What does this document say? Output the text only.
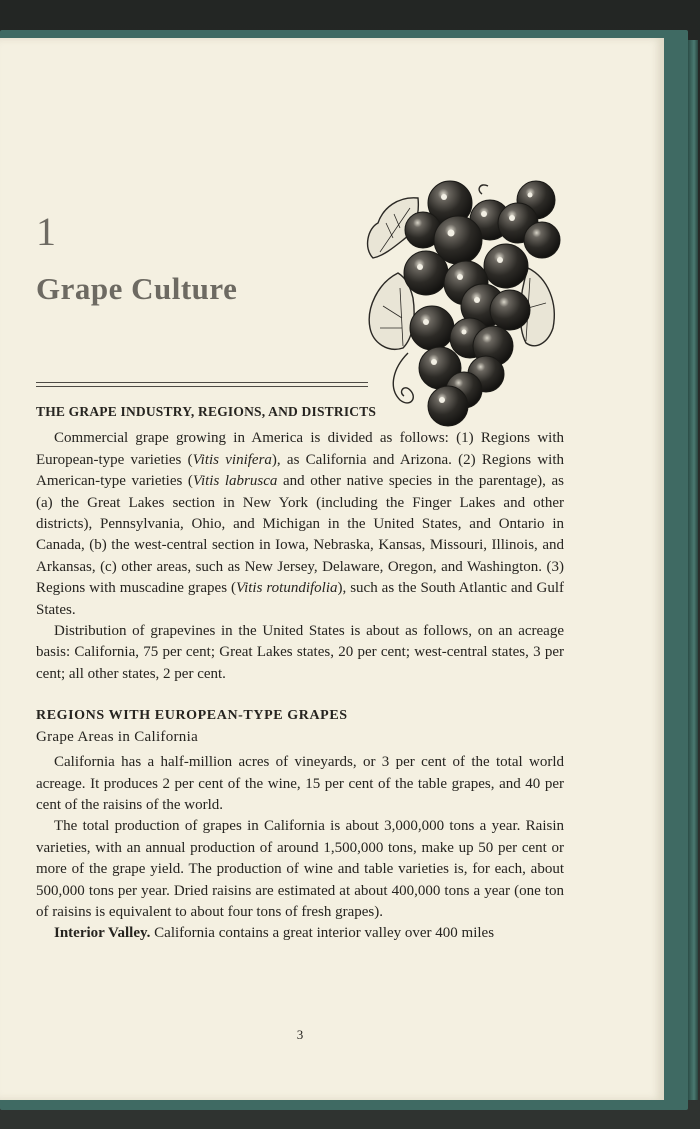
1
Grape Culture
THE GRAPE INDUSTRY, REGIONS, AND DISTRICTS

Commercial grape growing in America is divided as follows: (1) Regions with European-type varieties (Vitis vinifera), as California and Arizona. (2) Regions with American-type varieties (Vitis labrusca and other native species in the parentage), as (a) the Great Lakes section in New York (including the Finger Lakes and other districts), Pennsylvania, Ohio, and Michigan in the United States, and Ontario in Canada, (b) the west-central section in Iowa, Nebraska, Kansas, Missouri, Illinois, and Arkansas, (c) other areas, such as New Jersey, Delaware, Oregon, and Washington. (3) Regions with muscadine grapes (Vitis rotundifolia), such as the South Atlantic and Gulf States.

Distribution of grapevines in the United States is about as follows, on an acreage basis: California, 75 per cent; Great Lakes states, 20 per cent; west-central states, 3 per cent; all other states, 2 per cent.

REGIONS WITH EUROPEAN-TYPE GRAPES
Grape Areas in California

California has a half-million acres of vineyards, or 3 per cent of the total world acreage. It produces 2 per cent of the wine, 15 per cent of the table grapes, and 40 per cent of the raisins of the world.

The total production of grapes in California is about 3,000,000 tons a year. Raisin varieties, with an annual production of around 1,500,000 tons, make up 50 per cent or more of the grape yield. The production of wine and table varieties is, for each, about 500,000 tons per year. Dried raisins are estimated at about 400,000 tons a year (one ton of raisins is equivalent to about four tons of fresh grapes).

Interior Valley. California contains a great interior valley over 400 miles

3
